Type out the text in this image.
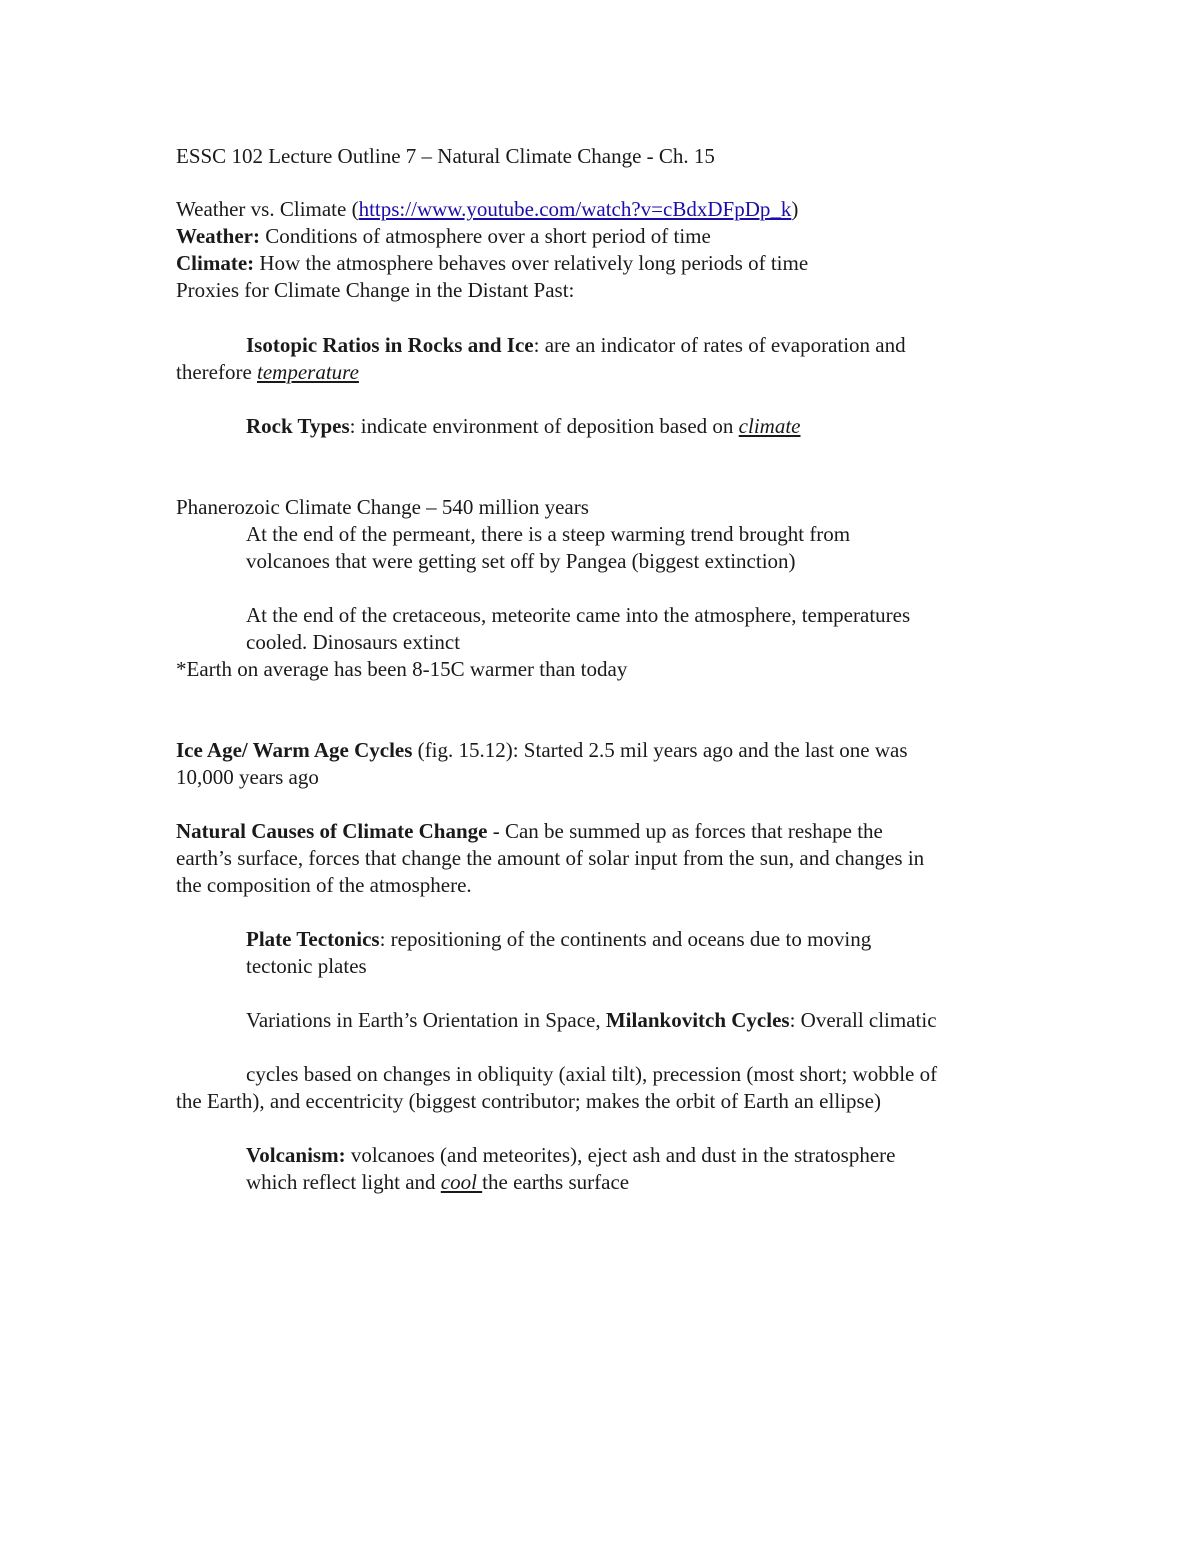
ESSC 102 Lecture Outline 7 – Natural Climate Change - Ch. 15
Weather vs. Climate (https://www.youtube.com/watch?v=cBdxDFpDp_k)
Weather: Conditions of atmosphere over a short period of time
Climate: How the atmosphere behaves over relatively long periods of time
Proxies for Climate Change in the Distant Past:
Isotopic Ratios in Rocks and Ice: are an indicator of rates of evaporation and
therefore temperature
Rock Types: indicate environment of deposition based on climate
Phanerozoic Climate Change – 540 million years
At the end of the permeant, there is a steep warming trend brought from
volcanoes that were getting set off by Pangea (biggest extinction)
At the end of the cretaceous, meteorite came into the atmosphere, temperatures
cooled. Dinosaurs extinct
*Earth on average has been 8-15C warmer than today
Ice Age/ Warm Age Cycles (fig. 15.12): Started 2.5 mil years ago and the last one was
10,000 years ago
Natural Causes of Climate Change - Can be summed up as forces that reshape the
earth’s surface, forces that change the amount of solar input from the sun, and changes in
the composition of the atmosphere.
Plate Tectonics: repositioning of the continents and oceans due to moving
tectonic plates
Variations in Earth’s Orientation in Space, Milankovitch Cycles: Overall climatic
cycles based on changes in obliquity (axial tilt), precession (most short; wobble of
the Earth), and eccentricity (biggest contributor; makes the orbit of Earth an ellipse)
Volcanism: volcanoes (and meteorites), eject ash and dust in the stratosphere
which reflect light and cool the earths surface
